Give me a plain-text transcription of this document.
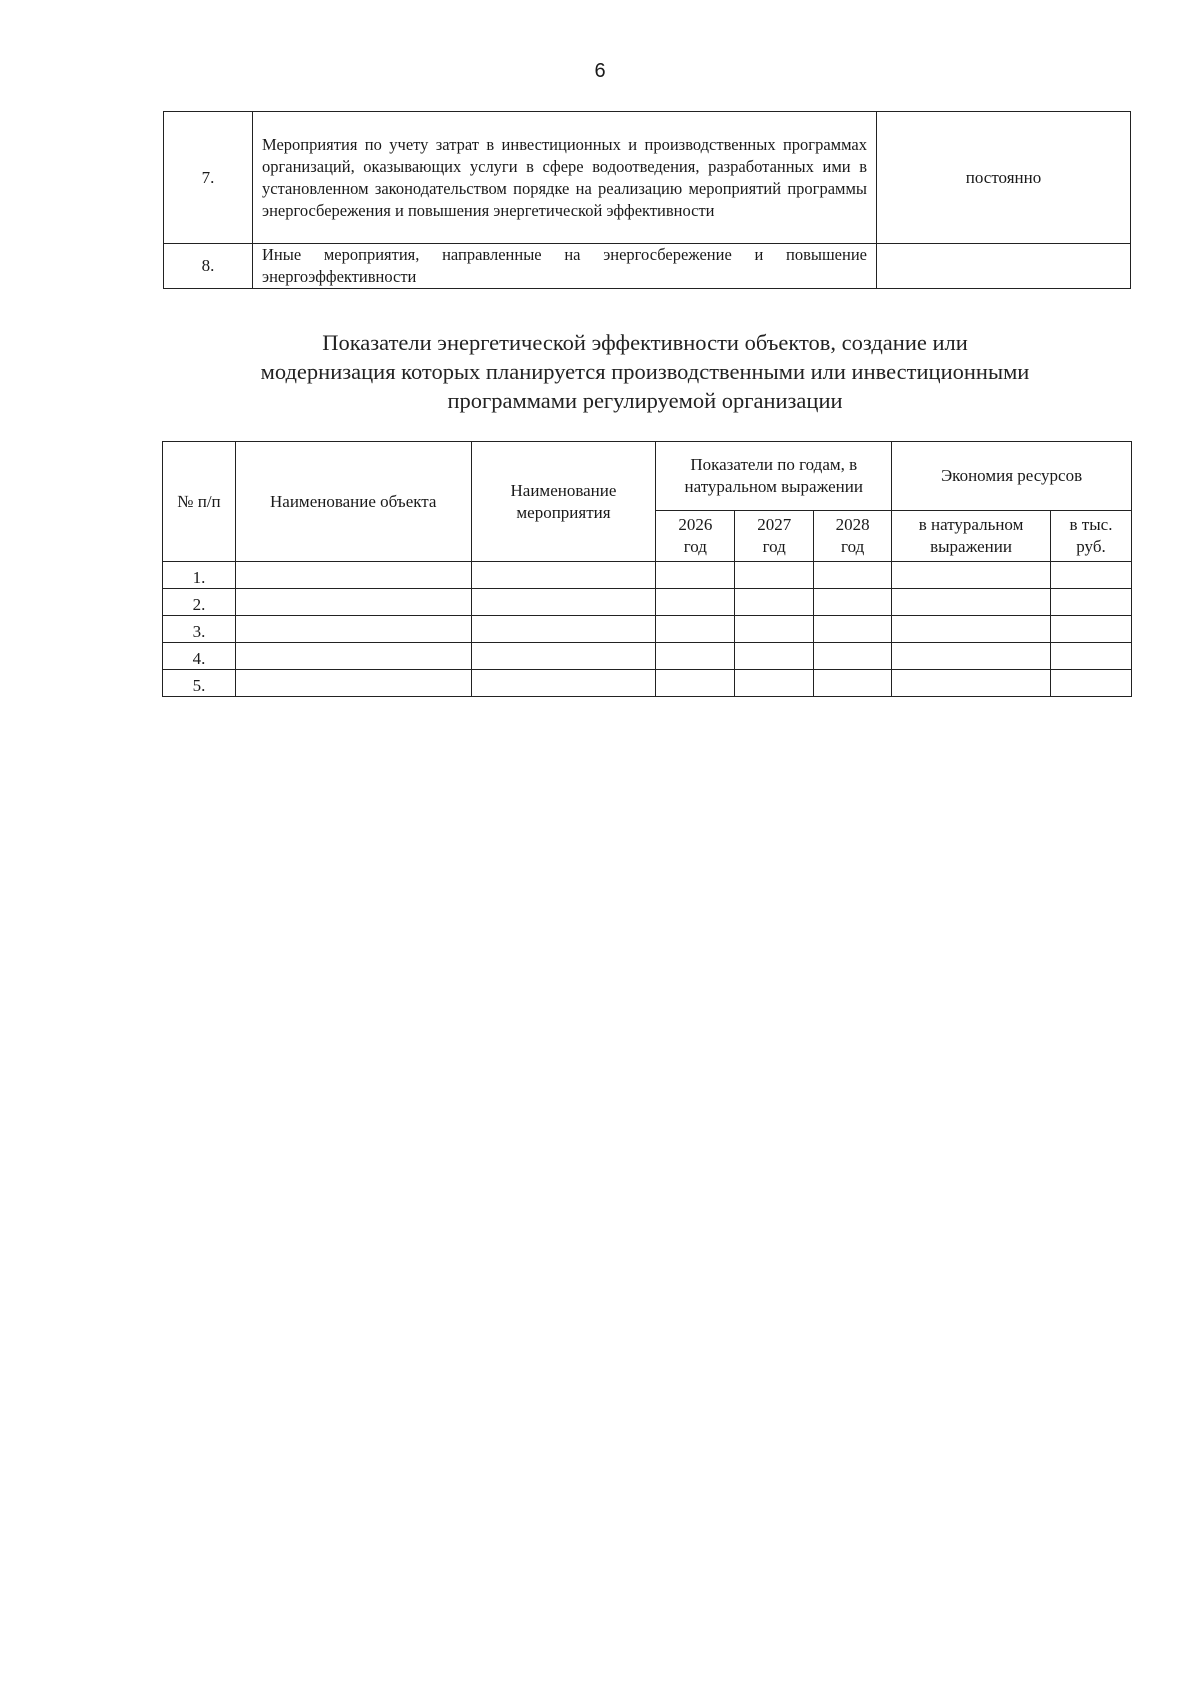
6
7.	Мероприятия по учету затрат в инвестиционных и производственных программах организаций, оказывающих услуги в сфере водоотведения, разработанных ими в установленном законодательством порядке на реализацию мероприятий программы энергосбережения и повышения энергетической эффективности	постоянно
8.	Иные мероприятия, направленные на энергосбережение и повышение энергоэффективности	
Показатели энергетической эффективности объектов, создание или
модернизация которых планируется производственными или инвестиционными
программами регулируемой организации
№ п/п	Наименование объекта	Наименование мероприятия	Показатели по годам, в натуральном выражении			Экономия ресурсов	

			2026 год	2027 год	2028 год	в натуральном выражении	в тыс. руб.

1.							
2.							
3.							
4.							
5.							
